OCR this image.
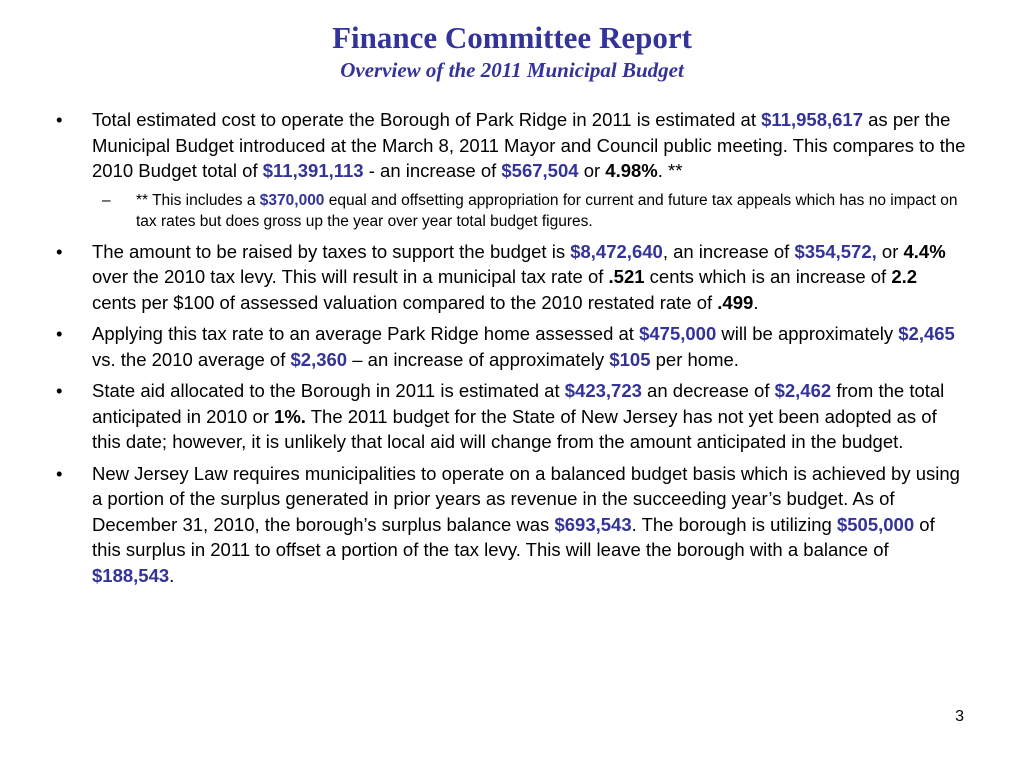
Finance Committee Report
Overview of the 2011 Municipal Budget
• Total estimated cost to operate the Borough of Park Ridge in 2011 is estimated at $11,958,617 as per the Municipal Budget introduced at the March 8, 2011 Mayor and Council public meeting. This compares to the 2010 Budget total of $11,391,113 - an increase of $567,504 or 4.98%. **
– ** This includes a $370,000 equal and offsetting appropriation for current and future tax appeals which has no impact on tax rates but does gross up the year over year total budget figures.
• The amount to be raised by taxes to support the budget is $8,472,640, an increase of $354,572, or 4.4% over the 2010 tax levy. This will result in a municipal tax rate of .521 cents which is an increase of 2.2 cents per $100 of assessed valuation compared to the 2010 restated rate of .499.
• Applying this tax rate to an average Park Ridge home assessed at $475,000 will be approximately $2,465 vs. the 2010 average of $2,360 – an increase of approximately $105 per home.
• State aid allocated to the Borough in 2011 is estimated at $423,723 an decrease of $2,462 from the total anticipated in 2010 or 1%. The 2011 budget for the State of New Jersey has not yet been adopted as of this date; however, it is unlikely that local aid will change from the amount anticipated in the budget.
• New Jersey Law requires municipalities to operate on a balanced budget basis which is achieved by using a portion of the surplus generated in prior years as revenue in the succeeding year’s budget. As of December 31, 2010, the borough’s surplus balance was $693,543. The borough is utilizing $505,000 of this surplus in 2011 to offset a portion of the tax levy. This will leave the borough with a balance of $188,543.
3
